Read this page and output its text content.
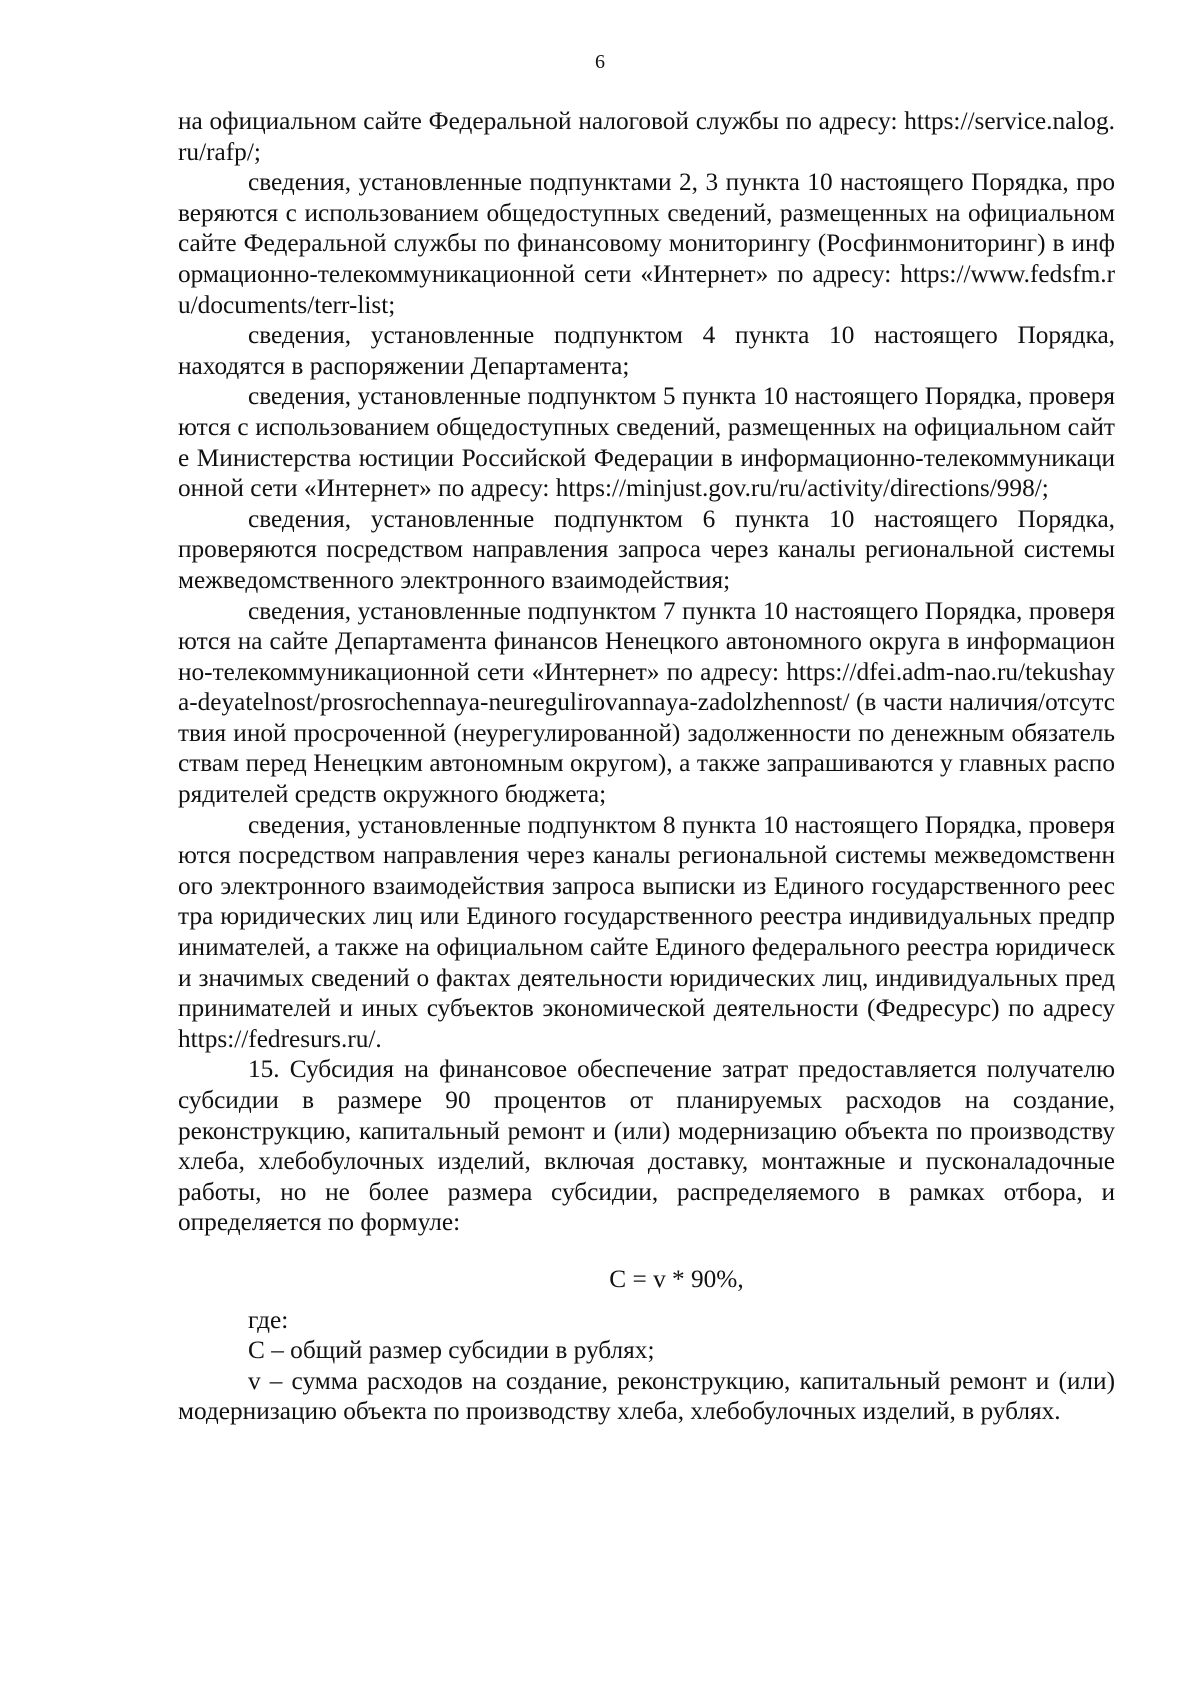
6

на официальном сайте Федеральной налоговой службы по адресу: https://service.nalog.ru/rafp/;

сведения, установленные подпунктами 2, 3 пункта 10 настоящего Порядка, проверяются с использованием общедоступных сведений, размещенных на официальном сайте Федеральной службы по финансовому мониторингу (Росфинмониторинг) в информационно-телекоммуникационной сети «Интернет» по адресу: https://www.fedsfm.ru/documents/terr-list;

сведения, установленные подпунктом 4 пункта 10 настоящего Порядка, находятся в распоряжении Департамента;

сведения, установленные подпунктом 5 пункта 10 настоящего Порядка, проверяются с использованием общедоступных сведений, размещенных на официальном сайте Министерства юстиции Российской Федерации в информационно-телекоммуникационной сети «Интернет» по адресу: https://minjust.gov.ru/ru/activity/directions/998/;

сведения, установленные подпунктом 6 пункта 10 настоящего Порядка, проверяются посредством направления запроса через каналы региональной системы межведомственного электронного взаимодействия;

сведения, установленные подпунктом 7 пункта 10 настоящего Порядка, проверяются на сайте Департамента финансов Ненецкого автономного округа в информационно-телекоммуникационной сети «Интернет» по адресу: https://dfei.adm-nao.ru/tekushaya-deyatelnost/prosrochennaya-neuregulirovannaya-zadolzhennost/ (в части наличия/отсутствия иной просроченной (неурегулированной) задолженности по денежным обязательствам перед Ненецким автономным округом), а также запрашиваются у главных распорядителей средств окружного бюджета;

сведения, установленные подпунктом 8 пункта 10 настоящего Порядка, проверяются посредством направления через каналы региональной системы межведомственного электронного взаимодействия запроса выписки из Единого государственного реестра юридических лиц или Единого государственного реестра индивидуальных предпринимателей, а также на официальном сайте Единого федерального реестра юридически значимых сведений о фактах деятельности юридических лиц, индивидуальных предпринимателей и иных субъектов экономической деятельности (Федресурс) по адресу https://fedresurs.ru/.

15. Субсидия на финансовое обеспечение затрат предоставляется получателю субсидии в размере 90 процентов от планируемых расходов на создание, реконструкцию, капитальный ремонт и (или) модернизацию объекта по производству хлеба, хлебобулочных изделий, включая доставку, монтажные и пусконаладочные работы, но не более размера субсидии, распределяемого в рамках отбора, и определяется по формуле:

С = v * 90%,

где:

С – общий размер субсидии в рублях;

v – сумма расходов на создание, реконструкцию, капитальный ремонт и (или) модернизацию объекта по производству хлеба, хлебобулочных изделий, в рублях.
